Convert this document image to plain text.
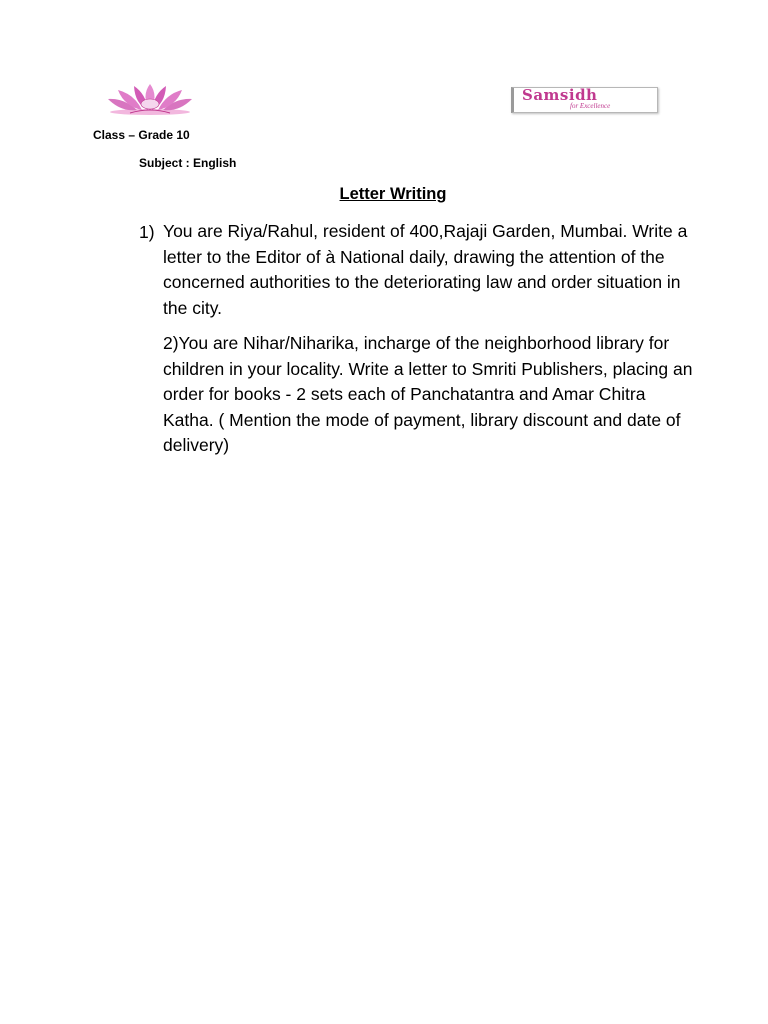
Samsidh
for Excellence
Class – Grade 10
Subject : English
Letter Writing
1) You are Riya/Rahul, resident of 400,Rajaji Garden, Mumbai. Write a letter to the Editor of à National daily, drawing the attention of the concerned authorities to the deteriorating law and order situation in the city.

2)You are Nihar/Niharika, incharge of the neighborhood library for children in your locality. Write a letter to Smriti Publishers, placing an order for books - 2 sets each of Panchatantra and Amar Chitra Katha. ( Mention the mode of payment, library discount and date of delivery)
